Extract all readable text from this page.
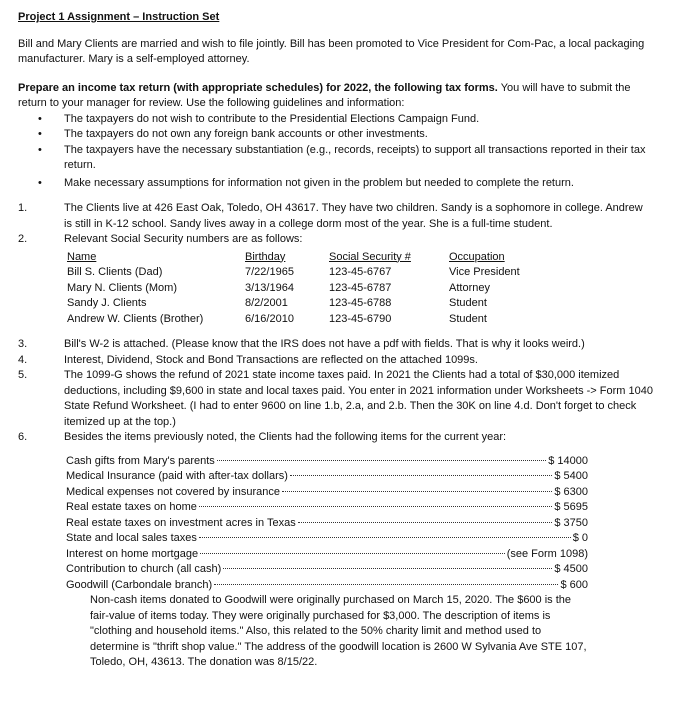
Project 1 Assignment – Instruction Set

Bill and Mary Clients are married and wish to file jointly. Bill has been promoted to Vice President for Com-Pac, a local packaging manufacturer. Mary is a self-employed attorney.

Prepare an income tax return (with appropriate schedules) for 2022, the following tax forms. You will have to submit the return to your manager for review. Use the following guidelines and information:

• The taxpayers do not wish to contribute to the Presidential Elections Campaign Fund.
• The taxpayers do not own any foreign bank accounts or other investments.
• The taxpayers have the necessary substantiation (e.g., records, receipts) to support all transactions reported in their tax return.
• Make necessary assumptions for information not given in the problem but needed to complete the return.
1.	The Clients live at 426 East Oak, Toledo, OH 43617. They have two children. Sandy is a sophomore in college. Andrew is still in K-12 school. Sandy lives away in a college dorm most of the year. She is a full-time student.
2.	Relevant Social Security numbers are as follows:
Name	Birthday	Social Security #	Occupation
Bill S. Clients (Dad)	7/22/1965	123-45-6767	Vice President
Mary N. Clients (Mom)	3/13/1964	123-45-6787	Attorney
Sandy J. Clients	8/2/2001	123-45-6788	Student
Andrew W. Clients (Brother)	6/16/2010	123-45-6790	Student
3.	Bill's W-2 is attached. (Please know that the IRS does not have a pdf with fields. That is why it looks weird.)
4.	Interest, Dividend, Stock and Bond Transactions are reflected on the attached 1099s.
5.	The 1099-G shows the refund of 2021 state income taxes paid. In 2021 the Clients had a total of $30,000 itemized deductions, including $9,600 in state and local taxes paid. You enter in 2021 information under Worksheets -> Form 1040 State Refund Worksheet. (I had to enter 9600 on line 1.b, 2.a, and 2.b. Then the 30K on line 4.d. Don't forget to check itemized up at the top.)
6.	Besides the items previously noted, the Clients had the following items for the current year:
Cash gifts from Mary's parents	$ 14000
Medical Insurance (paid with after-tax dollars)	$ 5400
Medical expenses not covered by insurance	$ 6300
Real estate taxes on home	$ 5695
Real estate taxes on investment acres in Texas	$ 3750
State and local sales taxes	$ 0
Interest on home mortgage	(see Form 1098)
Contribution to church (all cash)	$ 4500
Goodwill (Carbondale branch)	$ 600
Non-cash items donated to Goodwill were originally purchased on March 15, 2020. The $600 is the fair-value of items today. They were originally purchased for $3,000. The description of items is "clothing and household items." Also, this related to the 50% charity limit and method used to determine is "thrift shop value." The address of the goodwill location is 2600 W Sylvania Ave STE 107, Toledo, OH, 43613. The donation was 8/15/22.
